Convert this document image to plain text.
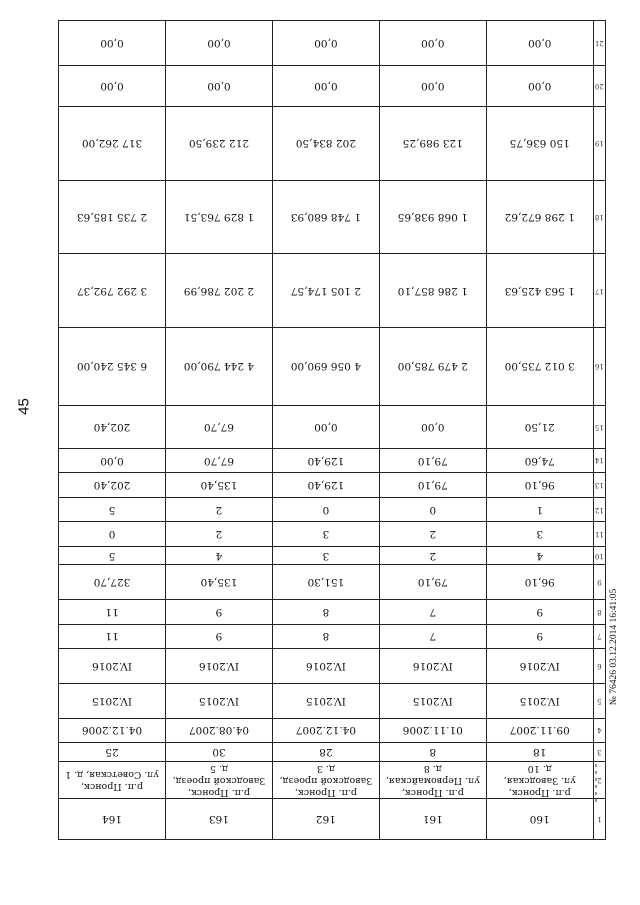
45
1	160	161	162	163	164
2	р.п. Пронск,
ул. Заводская,
д. 10	р.п. Пронск,
ул. Первомайская,
д. 8	р.п. Пронск,
Заводской проезд,
д. 3	р.п. Пронск,
Заводской проезд,
д. 5	р.п. Пронск,
ул. Советская, д. 1
3	18	8	28	30	25
4	09.11.2007	01.11.2006	04.12.2007	04.08.2007	04.12.2006
5	IV.2015	IV.2015	IV.2015	IV.2015	IV.2015
6	IV.2016	IV.2016	IV.2016	IV.2016	IV.2016
7	9	7	8	9	11
8	9	7	8	9	11
9	96,10	79,10	151,30	135,40	327,70
10	4	2	3	4	5
11	3	2	3	2	0
12	1	0	0	2	5
13	96,10	79,10	129,40	135,40	202,40
14	74,60	79,10	129,40	67,70	0,00
15	21,50	0,00	0,00	67,70	202,40
16	3 012 735,00	2 479 785,00	4 056 690,00	4 244 790,00	6 345 240,00
17	1 563 425,63	1 286 857,10	2 105 174,57	2 202 786,99	3 292 792,37
18	1 298 672,62	1 068 938,65	1 748 680,93	1 829 763,51	2 735 185,63
19	150 636,75	123 989,25	202 834,50	212 239,50	317 262,00
20	0,00	0,00	0,00	0,00	0,00
21	0,00	0,00	0,00	0,00	0,00
№ 76426 03.12.2014 16:41:05
